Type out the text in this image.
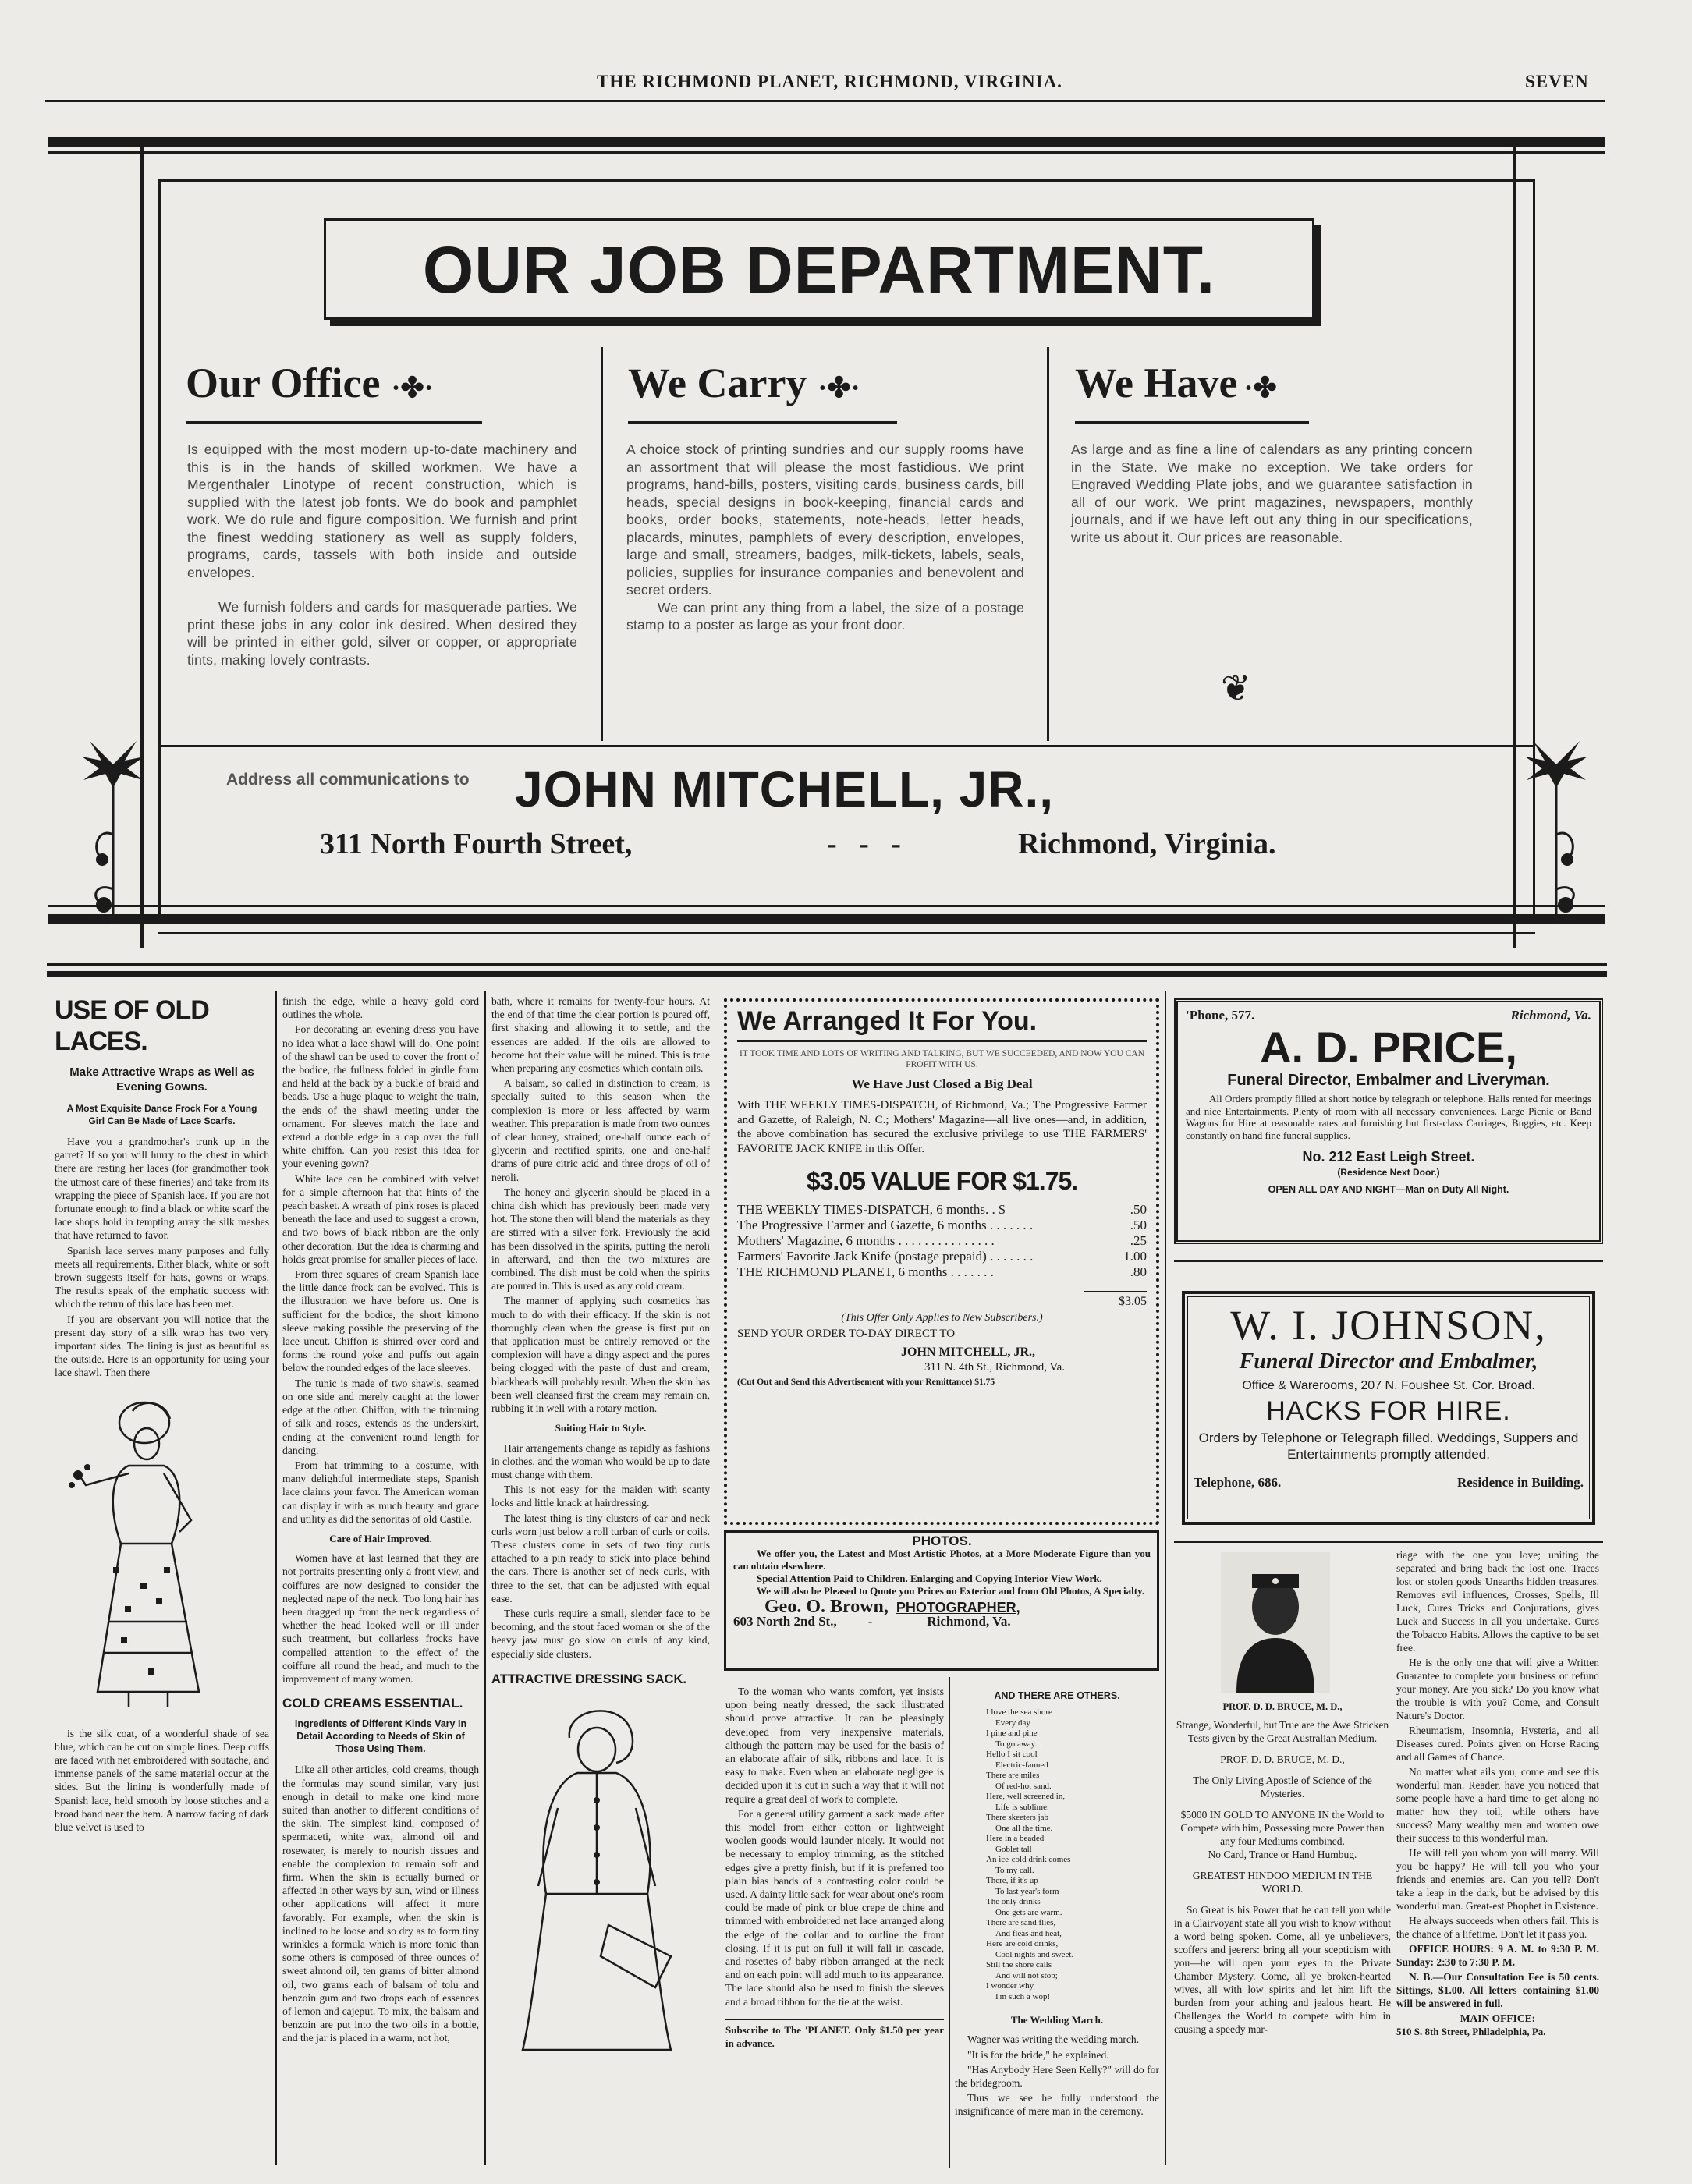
THE RICHMOND PLANET, RICHMOND, VIRGINIA.	SEVEN
OUR JOB DEPARTMENT.
Our Office ·✤·	We Carry ·✤·	We Have ·✤

Is equipped with the most modern up-to-date machinery and this is in the hands of skilled workmen. We have a Mergenthaler Linotype of recent construction, which is supplied with the latest job fonts. We do book and pamphlet work. We do rule and figure composition. We furnish and print the finest wedding stationery as well as supply folders, programs, cards, tassels with both inside and outside envelopes.

We furnish folders and cards for masquerade parties. We print these jobs in any color ink desired. When desired they will be printed in either gold, silver or copper, or appropriate tints, making lovely contrasts.

A choice stock of printing sundries and our supply rooms have an assortment that will please the most fastidious. We print programs, hand-bills, posters, visiting cards, business cards, bill heads, special designs in book-keeping, financial cards and books, order books, statements, note-heads, letter heads, placards, minutes, pamphlets of every description, envelopes, large and small, streamers, badges, milk-tickets, labels, seals, policies, supplies for insurance companies and benevolent and secret orders.

We can print any thing from a label, the size of a postage stamp to a poster as large as your front door.

As large and as fine a line of calendars as any printing concern in the State. We make no exception. We take orders for Engraved Wedding Plate jobs, and we guarantee satisfaction in all of our work. We print magazines, newspapers, monthly journals, and if we have left out any thing in our specifications, write us about it. Our prices are reasonable.

❦
Address all communications to JOHN MITCHELL, JR.,
311 North Fourth Street,	-   -   -	Richmond, Virginia.
USE OF OLD LACES.
Make Attractive Wraps as Well as Evening Gowns.
A Most Exquisite Dance Frock For a Young Girl Can Be Made of Lace Scarfs.

Have you a grandmother's trunk up in the garret? If so you will hurry to the chest in which there are resting her laces (for grandmother took the utmost care of these fineries) and take from its wrapping the piece of Spanish lace. If you are not fortunate enough to find a black or white scarf the lace shops hold in tempting array the silk meshes that have returned to favor.

Spanish lace serves many purposes and fully meets all requirements. Either black, white or soft brown suggests itself for hats, gowns or wraps. The results speak of the emphatic success with which the return of this lace has been met.

If you are observant you will notice that the present day story of a silk wrap has two very important sides. The lining is just as beautiful as the outside. Here is an opportunity for using your lace shawl. Then there

is the silk coat, of a wonderful shade of sea blue, which can be cut on simple lines. Deep cuffs are faced with net embroidered with soutache, and immense panels of the same material occur at the sides. But the lining is wonderfully made of Spanish lace, held smooth by loose stitches and a broad band near the hem. A narrow facing of dark blue velvet is used to

finish the edge, while a heavy gold cord outlines the whole.

For decorating an evening dress you have no idea what a lace shawl will do. One point of the shawl can be used to cover the front of the bodice, the fullness folded in girdle form and held at the back by a buckle of braid and beads. Use a huge plaque to weight the train, the ends of the shawl meeting under the ornament. For sleeves match the lace and extend a double edge in a cap over the full white chiffon. Can you resist this idea for your evening gown?

White lace can be combined with velvet for a simple afternoon hat that hints of the peach basket. A wreath of pink roses is placed beneath the lace and used to suggest a crown, and two bows of black ribbon are the only other decoration. But the idea is charming and holds great promise for smaller pieces of lace.

From three squares of cream Spanish lace the little dance frock can be evolved. This is the illustration we have before us. One is sufficient for the bodice, the short kimono sleeve making possible the preserving of the lace uncut. Chiffon is shirred over cord and forms the round yoke and puffs out again below the rounded edges of the lace sleeves.

The tunic is made of two shawls, seamed on one side and merely caught at the lower edge at the other. Chiffon, with the trimming of silk and roses, extends as the underskirt, ending at the convenient round length for dancing.

From hat trimming to a costume, with many delightful intermediate steps, Spanish lace claims your favor. The American woman can display it with as much beauty and grace and utility as did the senoritas of old Castile.

Care of Hair Improved.

Women have at last learned that they are not portraits presenting only a front view, and coiffures are now designed to consider the neglected nape of the neck. Too long hair has been dragged up from the neck regardless of whether the head looked well or ill under such treatment, but collarless frocks have compelled attention to the effect of the coiffure all round the head, and much to the improvement of many women.

COLD CREAMS ESSENTIAL.
Ingredients of Different Kinds Vary In Detail According to Needs of Skin of Those Using Them.

Like all other articles, cold creams, though the formulas may sound similar, vary just enough in detail to make one kind more suited than another to different conditions of the skin. The simplest kind, composed of spermaceti, white wax, almond oil and rosewater, is merely to nourish tissues and enable the complexion to remain soft and firm. When the skin is actually burned or affected in other ways by sun, wind or illness other applications will affect it more favorably. For example, when the skin is inclined to be loose and so dry as to form tiny wrinkles a formula which is more tonic than some others is composed of three ounces of sweet almond oil, ten grams of bitter almond oil, two grams each of balsam of tolu and benzoin gum and two drops each of essences of lemon and cajeput. To mix, the balsam and benzoin are put into the two oils in a bottle, and the jar is placed in a warm, not hot,

bath, where it remains for twenty-four hours. At the end of that time the clear portion is poured off, first shaking and allowing it to settle, and the essences are added. If the oils are allowed to become hot their value will be ruined. This is true when preparing any cosmetics which contain oils.

A balsam, so called in distinction to cream, is specially suited to this season when the complexion is more or less affected by warm weather. This preparation is made from two ounces of clear honey, strained; one-half ounce each of glycerin and rectified spirits, one and one-half drams of pure citric acid and three drops of oil of neroli.

The honey and glycerin should be placed in a china dish which has previously been made very hot. The stone then will blend the materials as they are stirred with a silver fork. Previously the acid has been dissolved in the spirits, putting the neroli in afterward, and then the two mixtures are combined. The dish must be cold when the spirits are poured in. This is used as any cold cream.

The manner of applying such cosmetics has much to do with their efficacy. If the skin is not thoroughly clean when the grease is first put on that application must be entirely removed or the complexion will have a dingy aspect and the pores being clogged with the paste of dust and cream, blackheads will probably result. When the skin has been well cleansed first the cream may remain on, rubbing it in well with a rotary motion.

Suiting Hair to Style.

Hair arrangements change as rapidly as fashions in clothes, and the woman who would be up to date must change with them.

This is not easy for the maiden with scanty locks and little knack at hairdressing.

The latest thing is tiny clusters of ear and neck curls worn just below a roll turban of curls or coils. These clusters come in sets of two tiny curls attached to a pin ready to stick into place behind the ears. There is another set of neck curls, with three to the set, that can be adjusted with equal ease.

These curls require a small, slender face to be becoming, and the stout faced woman or she of the heavy jaw must go slow on curls of any kind, especially side clusters.

ATTRACTIVE DRESSING SACK.
We Arranged It For You.
IT TOOK TIME AND LOTS OF WRITING AND TALKING, BUT WE SUCCEEDED, AND NOW YOU CAN PROFIT WITH US.
We Have Just Closed a Big Deal
With THE WEEKLY TIMES-DISPATCH, of Richmond, Va.; The Progressive Farmer and Gazette, of Raleigh, N. C.; Mothers' Magazine—all live ones—and, in addition, the above combination has secured the exclusive privilege to use THE FARMERS' FAVORITE JACK KNIFE in this Offer.
$3.05 VALUE FOR $1.75.
THE WEEKLY TIMES-DISPATCH, 6 months. . $	.50
The Progressive Farmer and Gazette, 6 months . . . . . . .	.50
Mothers' Magazine, 6 months . . . . . . . . . . . . . . .	.25
Farmers' Favorite Jack Knife (postage prepaid) . . . . . . .	1.00
THE RICHMOND PLANET, 6 months . . . . . . .	.80
$3.05
(This Offer Only Applies to New Subscribers.)
SEND YOUR ORDER TO-DAY DIRECT TO
JOHN MITCHELL, JR.,
311 N. 4th St., Richmond, Va.
(Cut Out and Send this Advertisement with your Remittance) $1.75
PHOTOS.
We offer you, the Latest and Most Artistic Photos, at a More Moderate Figure than you can obtain elsewhere.
Special Attention Paid to Children. Enlarging and Copying Interior View Work.
We will also be Pleased to Quote you Prices on Exterior and from Old Photos, A Specialty.
Geo. O. Brown, PHOTOGRAPHER,
603 North 2nd St., -	Richmond, Va.

To the woman who wants comfort, yet insists upon being neatly dressed, the sack illustrated should prove attractive. It can be pleasingly developed from very inexpensive materials, although the pattern may be used for the basis of an elaborate affair of silk, ribbons and lace. It is easy to make. Even when an elaborate negligee is decided upon it is cut in such a way that it will not require a great deal of work to complete.

For a general utility garment a sack made after this model from either cotton or lightweight woolen goods would launder nicely. It would not be necessary to employ trimming, as the stitched edges give a pretty finish, but if it is preferred too plain bias bands of a contrasting color could be used. A dainty little sack for wear about one's room could be made of pink or blue crepe de chine and trimmed with embroidered net lace arranged along the edge of the collar and to outline the front closing. If it is put on full it will fall in cascade, and rosettes of baby ribbon arranged at the neck and on each point will add much to its appearance. The lace should also be used to finish the sleeves and a broad ribbon for the tie at the waist.

Subscribe to The 'PLANET. Only $1.50 per year in advance.
AND THERE ARE OTHERS.
I love the sea shore
Every day
I pine and pine
To go away.
Hello I sit cool
Electric-fanned
There are miles
Of red-hot sand.
Here, well screened in,
Life is sublime.
There skeeters jab
One all the time.
Here in a beaded
Goblet tall
An ice-cold drink comes
To my call.
There, if it's up
To last year's form
The only drinks
One gets are warm.
There are sand flies,
And fleas and heat,
Here are cold drinks,
Cool nights and sweet.
Still the shore calls
And will not stop;
I wonder why
I'm such a wop!
The Wedding March.

Wagner was writing the wedding march.

"It is for the bride," he explained.

"Has Anybody Here Seen Kelly?" will do for the bridegroom.

Thus we see he fully understood the insignificance of mere man in the ceremony.

'Phone, 577.	Richmond, Va.
A. D. PRICE,
Funeral Director, Embalmer and Liveryman.
All Orders promptly filled at short notice by telegraph or telephone. Halls rented for meetings and nice Entertainments. Plenty of room with all necessary conveniences. Large Picnic or Band Wagons for Hire at reasonable rates and furnishing but first-class Carriages, Buggies, etc. Keep constantly on hand fine funeral supplies.
No. 212 East Leigh Street.
(Residence Next Door.)
OPEN ALL DAY AND NIGHT—Man on Duty All Night.
W. I. JOHNSON,
Funeral Director and Embalmer,
Office & Warerooms, 207 N. Foushee St. Cor. Broad.
HACKS FOR HIRE.
Orders by Telephone or Telegraph filled. Weddings, Suppers and Entertainments promptly attended.
Telephone, 686.	Residence in Building.
PROF. D. D. BRUCE, M. D.,
Strange, Wonderful, but True are the Awe Stricken Tests given by the Great Australian Medium.
PROF. D. D. BRUCE, M. D.,
The Only Living Apostle of Science of the Mysteries.
$5000 IN GOLD TO ANYONE IN the World to Compete with him, Possessing more Power than any four Mediums combined.
No Card, Trance or Hand Humbug.
GREATEST HINDOO MEDIUM IN THE WORLD.
So Great is his Power that he can tell you while in a Clairvoyant state all you wish to know without a word being spoken. Come, all ye unbelievers, scoffers and jeerers: bring all your scepticism with you—he will open your eyes to the Private Chamber Mystery. Come, all ye broken-hearted wives, all with low spirits and let him lift the burden from your aching and jealous heart. He Challenges the World to compete with him in causing a speedy mar-

riage with the one you love; uniting the separated and bring back the lost one. Traces lost or stolen goods Unearths hidden treasures. Removes evil influences, Crosses, Spells, Ill Luck, Cures Tricks and Conjurations, gives Luck and Success in all you undertake. Cures the Tobacco Habits. Allows the captive to be set free.

He is the only one that will give a Written Guarantee to complete your business or refund your money. Are you sick? Do you know what the trouble is with you? Come, and Consult Nature's Doctor.

Rheumatism, Insomnia, Hysteria, and all Diseases cured. Points given on Horse Racing and all Games of Chance.

No matter what ails you, come and see this wonderful man. Reader, have you noticed that some people have a hard time to get along no matter how they toil, while others have success? Many wealthy men and women owe their success to this wonderful man.

He will tell you whom you will marry. Will you be happy? He will tell you who your friends and enemies are. Can you tell? Don't take a leap in the dark, but be advised by this wonderful man. Great-est Phophet in Existence.

He always succeeds when others fail. This is the chance of a lifetime. Don't let it pass you.

OFFICE HOURS: 9 A. M. to 9:30 P. M. Sunday: 2:30 to 7:30 P. M.

N. B.—Our Consultation Fee is 50 cents. Sittings, $1.00. All letters containing $1.00 will be answered in full.

MAIN OFFICE:
510 S. 8th Street, Philadelphia, Pa.
